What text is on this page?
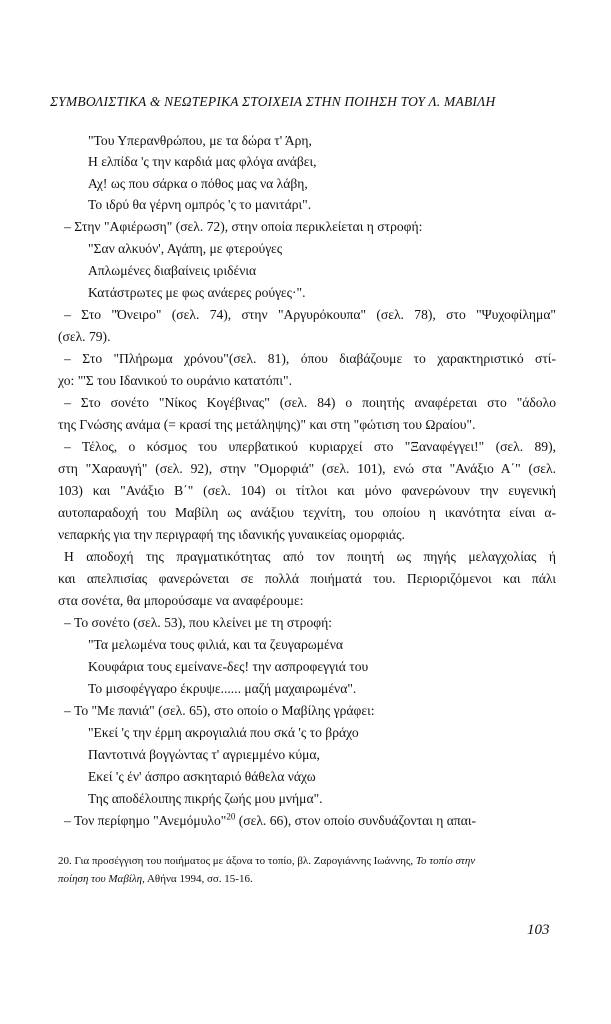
ΣΥΜΒΟΛΙΣΤΙΚΑ & ΝΕΩΤΕΡΙΚΑ ΣΤΟΙΧΕΙΑ ΣΤΗΝ ΠΟΙΗΣΗ ΤΟΥ Λ. ΜΑΒΙΛΗ
"Του Υπερανθρώπου, με τα δώρα τ' Άρη,
Η ελπίδα 'ς την καρδιά μας φλόγα ανάβει,
Αχ! ως που σάρκα ο πόθος μας να λάβη,
Το ιδρύ θα γέρνη ομπρός 'ς το μανιτάρι".
– Στην "Αφιέρωση" (σελ. 72), στην οποία περικλείεται η στροφή:
"Σαν αλκυόν', Αγάπη, με φτερούγες
Απλωμένες διαβαίνεις ιριδένια
Κατάστρωτες με φως ανάερες ρούγες·".
– Στο "Όνειρο" (σελ. 74), στην "Αργυρόκουπα" (σελ. 78), στο "Ψυχοφίλημα"
(σελ. 79).
– Στο "Πλήρωμα χρόνου"(σελ. 81), όπου διαβάζουμε το χαρακτηριστικό στί-
χο: "'Σ του Ιδανικού το ουράνιο κατατόπι".
– Στο σονέτο "Νίκος Κογέβινας" (σελ. 84) ο ποιητής αναφέρεται στο "άδολο
της Γνώσης ανάμα (= κρασί της μετάληψης)" και στη "φώτιση του Ωραίου".
– Τέλος, ο κόσμος του υπερβατικού κυριαρχεί στο "Ξαναφέγγει!" (σελ. 89),
στη "Χαραυγή" (σελ. 92), στην "Ομορφιά" (σελ. 101), ενώ στα "Ανάξιο Α΄" (σελ.
103) και "Ανάξιο Β΄" (σελ. 104) οι τίτλοι και μόνο φανερώνουν την ευγενική
αυτοπαραδοχή του Μαβίλη ως ανάξιου τεχνίτη, του οποίου η ικανότητα είναι α-
νεπαρκής για την περιγραφή της ιδανικής γυναικείας ομορφιάς.
Η αποδοχή της πραγματικότητας από τον ποιητή ως πηγής μελαγχολίας ή
και απελπισίας φανερώνεται σε πολλά ποιήματά του. Περιοριζόμενοι και πάλι
στα σονέτα, θα μπορούσαμε να αναφέρουμε:
– Το σονέτο (σελ. 53), που κλείνει με τη στροφή:
"Τα μελωμένα τους φιλιά, και τα ζευγαρωμένα
Κουφάρια τους εμείνανε-δες! την ασπροφεγγιά του
Το μισοφέγγαρο έκρυψε...... μαζή μαχαιρωμένα".
– Το "Με πανιά" (σελ. 65), στο οποίο ο Μαβίλης γράφει:
"Εκεί 'ς την έρμη ακρογιαλιά που σκά 'ς το βράχο
Παντοτινά βογγώντας τ' αγριεμμένο κύμα,
Εκεί 'ς έν' άσπρο ασκηταριό θάθελα νάχω
Της αποδέλοιπης πικρής ζωής μου μνήμα".
– Τον περίφημο "Ανεμόμυλο"$^{20}$ (σελ. 66), στον οποίο συνδυάζονται η απαι-
20. Για προσέγγιση του ποιήματος με άξονα το τοπίο, βλ. Ζαρογιάννης Ιωάννης, Το τοπίο στην
ποίηση του Μαβίλη, Αθήνα 1994, σσ. 15-16.
103
